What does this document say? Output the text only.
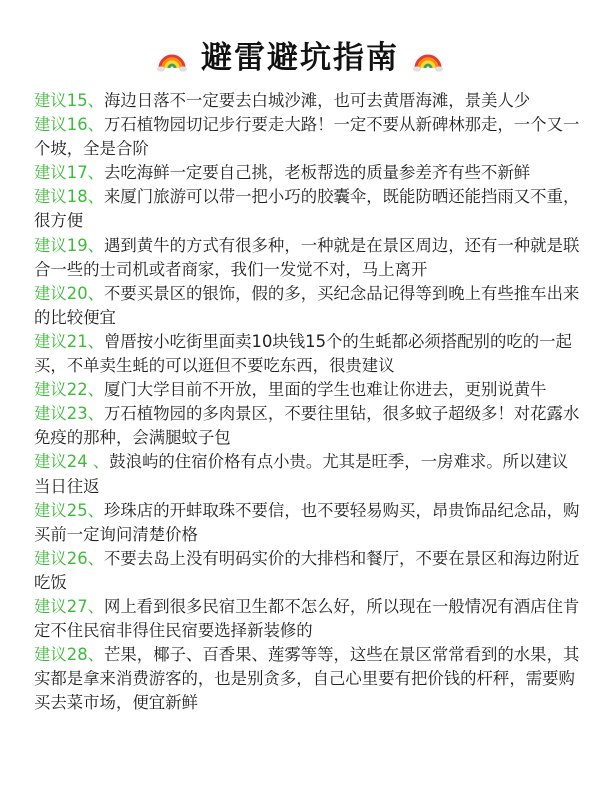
避雷避坑指南

建议15、海边日落不一定要去白城沙滩，也可去黄厝海滩，景美人少

建议16、万石植物园切记步行要走大路！一定不要从新碑林那走，一个又一个坡，全是合阶

建议17、去吃海鲜一定要自己挑，老板帮选的质量参差齐有些不新鲜

建议18、来厦门旅游可以带一把小巧的胶囊伞，既能防晒还能挡雨又不重，很方便

建议19、遇到黄牛的方式有很多种，一种就是在景区周边，还有一种就是联合一些的士司机或者商家，我们一发觉不对，马上离开

建议20、不要买景区的银饰，假的多，买纪念品记得等到晚上有些推车出来的比较便宜

建议21、曾厝按小吃街里面卖10块钱15个的生蚝都必须搭配别的吃的一起买，不单卖生蚝的可以逛但不要吃东西，很贵建议

建议22、厦门大学目前不开放，里面的学生也难让你进去，更别说黄牛

建议23、万石植物园的多肉景区，不要往里钻，很多蚊子超级多！对花露水免疫的那种，会满腿蚊子包

建议24 、鼓浪屿的住宿价格有点小贵。尤其是旺季，一房难求。所以建议当日往返

建议25、珍珠店的开蚌取珠不要信，也不要轻易购买，昂贵饰品纪念品，购买前一定询问清楚价格

建议26、不要去岛上没有明码实价的大排档和餐厅，不要在景区和海边附近吃饭

建议27、网上看到很多民宿卫生都不怎么好，所以现在一般情况有酒店住肯定不住民宿非得住民宿要选择新装修的

建议28、芒果，椰子、百香果、莲雾等等，这些在景区常常看到的水果，其实都是拿来消费游客的，也是别贪多，自己心里要有把价钱的杆秤，需要购买去菜市场，便宜新鲜
